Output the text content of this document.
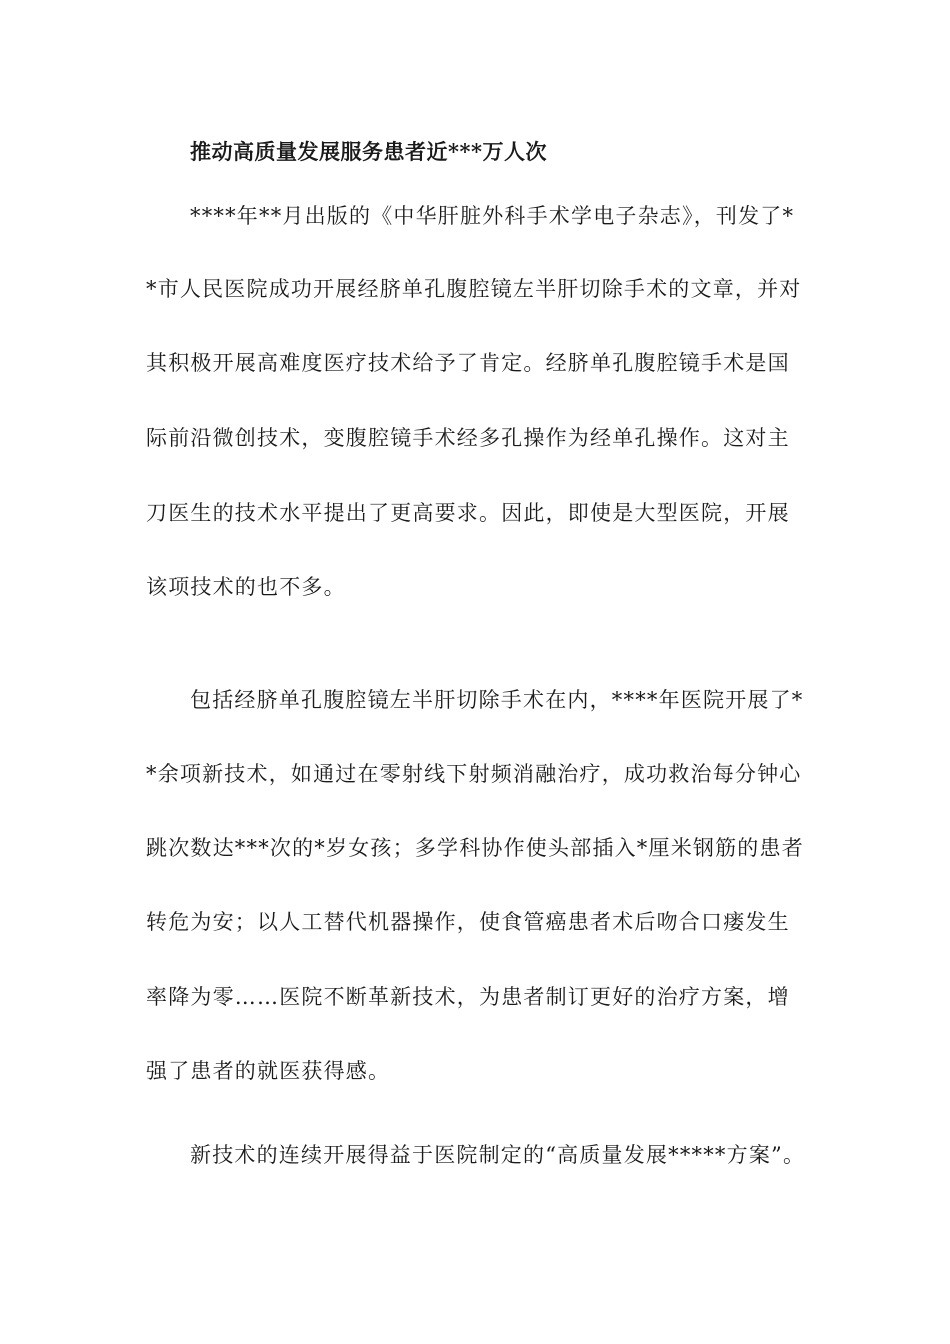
推动高质量发展服务患者近***万人次
****年**月出版的《中华肝脏外科手术学电子杂志》，刊发了*
*市人民医院成功开展经脐单孔腹腔镜左半肝切除手术的文章，并对
其积极开展高难度医疗技术给予了肯定。经脐单孔腹腔镜手术是国
际前沿微创技术，变腹腔镜手术经多孔操作为经单孔操作。这对主
刀医生的技术水平提出了更高要求。因此，即使是大型医院，开展
该项技术的也不多。
包括经脐单孔腹腔镜左半肝切除手术在内，****年医院开展了*
*余项新技术，如通过在零射线下射频消融治疗，成功救治每分钟心
跳次数达***次的*岁女孩；多学科协作使头部插入*厘米钢筋的患者
转危为安；以人工替代机器操作，使食管癌患者术后吻合口瘘发生
率降为零……医院不断革新技术，为患者制订更好的治疗方案，增
强了患者的就医获得感。
新技术的连续开展得益于医院制定的“高质量发展*****方案”。
